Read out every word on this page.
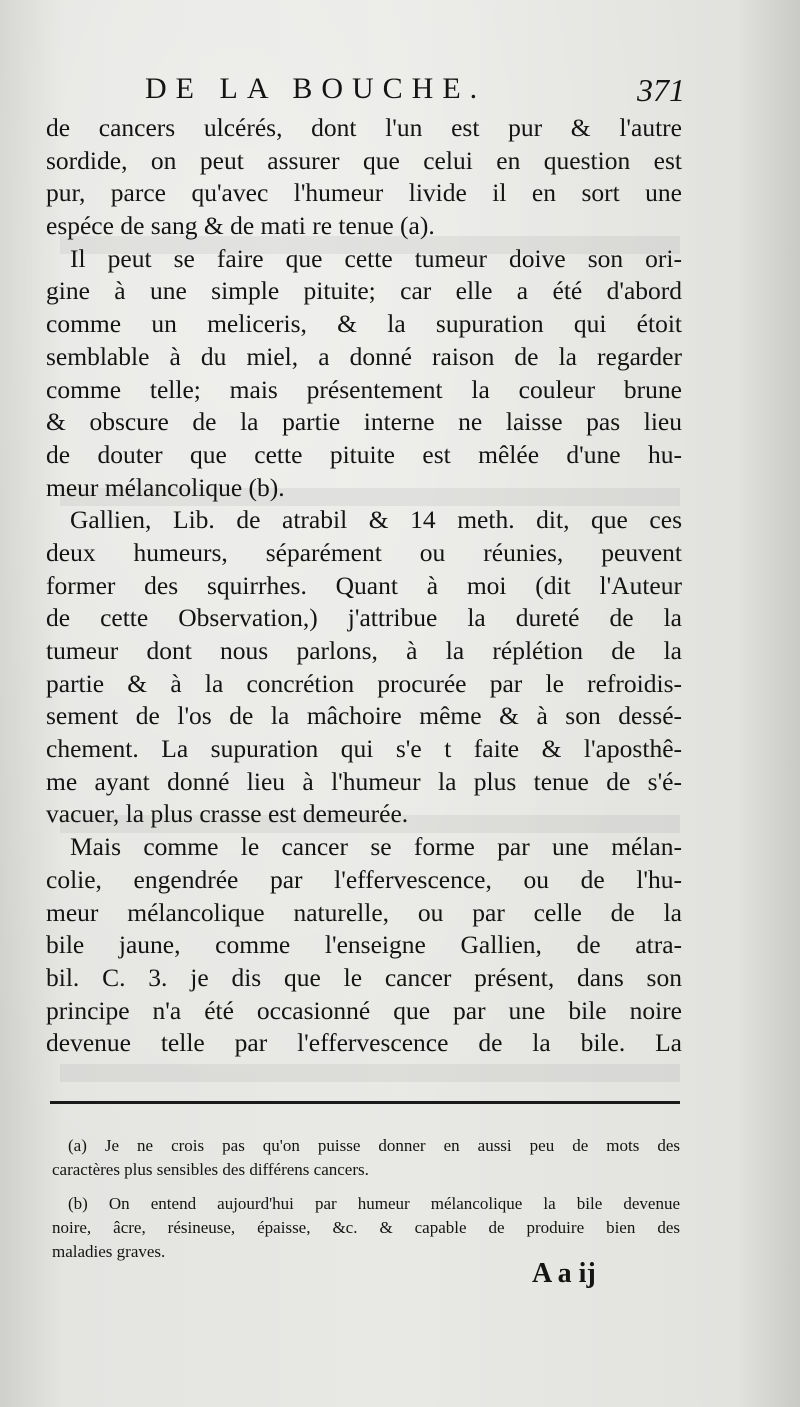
DE LA BOUCHE.	371
de cancers ulcérés, dont l'un est pur & l'autre
sordide, on peut assurer que celui en question est
pur, parce qu'avec l'humeur livide il en sort une
espéce de sang & de mati re tenue (a).
Il peut se faire que cette tumeur doive son ori-
gine à une simple pituite; car elle a été d'abord
comme un meliceris, & la supuration qui étoit
semblable à du miel, a donné raison de la regarder
comme telle; mais présentement la couleur brune
& obscure de la partie interne ne laisse pas lieu
de douter que cette pituite est mêlée d'une hu-
meur mélancolique (b).
Gallien, Lib. de atrabil & 14 meth. dit, que ces
deux humeurs, séparément ou réunies, peuvent
former des squirrhes. Quant à moi (dit l'Auteur
de cette Observation,) j'attribue la dureté de la
tumeur dont nous parlons, à la réplétion de la
partie & à la concrétion procurée par le refroidis-
sement de l'os de la mâchoire même & à son dessé-
chement. La supuration qui s'e t faite & l'aposthê-
me ayant donné lieu à l'humeur la plus tenue de s'é-
vacuer, la plus crasse est demeurée.
Mais comme le cancer se forme par une mélan-
colie, engendrée par l'effervescence, ou de l'hu-
meur mélancolique naturelle, ou par celle de la
bile jaune, comme l'enseigne Gallien, de atra-
bil. C. 3. je dis que le cancer présent, dans son
principe n'a été occasionné que par une bile noire
devenue telle par l'effervescence de la bile. La
(a) Je ne crois pas qu'on puisse donner en aussi peu de mots des
caractères plus sensibles des différens cancers.
(b) On entend aujourd'hui par humeur mélancolique la bile devenue
noire, âcre, résineuse, épaisse, &c. & capable de produire bien des
maladies graves.
A a ij
